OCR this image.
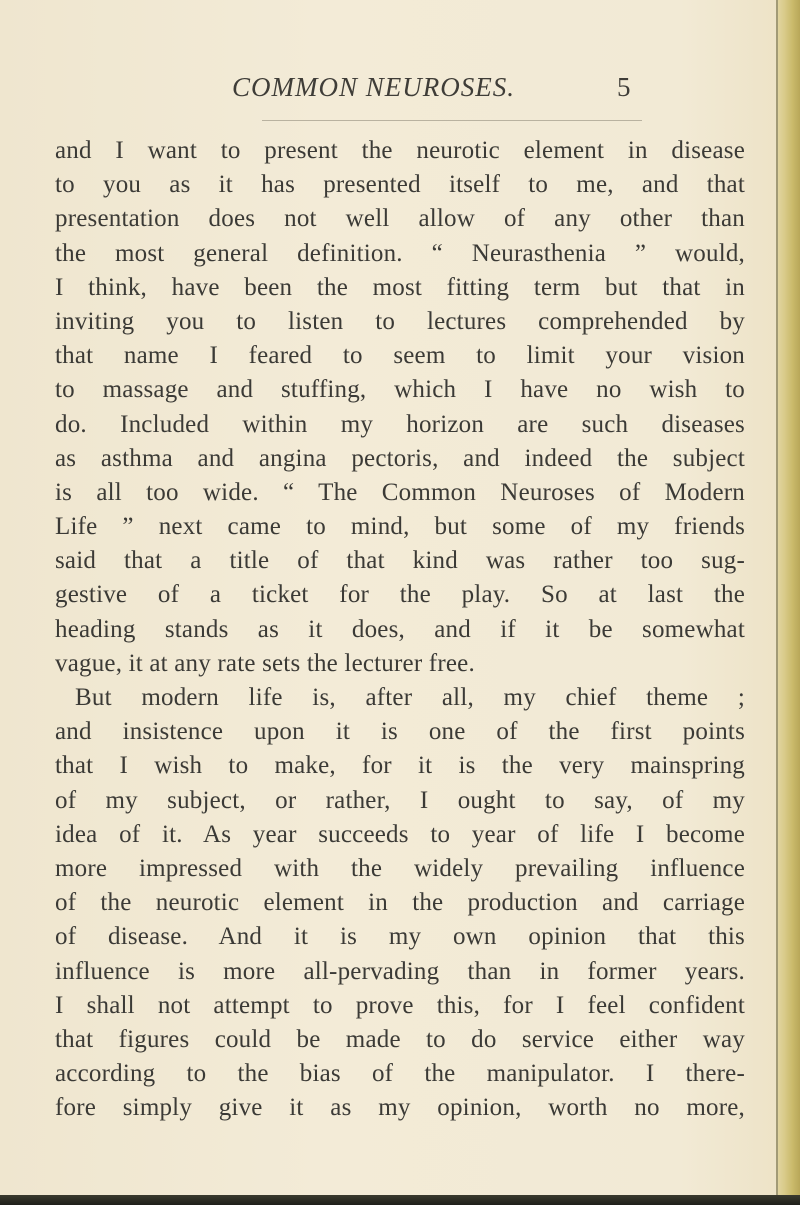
COMMON NEUROSES.	5
and I want to present the neurotic element in disease
to you as it has presented itself to me, and that
presentation does not well allow of any other than
the most general definition. “ Neurasthenia ” would,
I think, have been the most fitting term but that in
inviting you to listen to lectures comprehended by
that name I feared to seem to limit your vision
to massage and stuffing, which I have no wish to
do. Included within my horizon are such diseases
as asthma and angina pectoris, and indeed the subject
is all too wide. “ The Common Neuroses of Modern
Life ” next came to mind, but some of my friends
said that a title of that kind was rather too sug-
gestive of a ticket for the play. So at last the
heading stands as it does, and if it be somewhat
vague, it at any rate sets the lecturer free.
But modern life is, after all, my chief theme ;
and insistence upon it is one of the first points
that I wish to make, for it is the very mainspring
of my subject, or rather, I ought to say, of my
idea of it. As year succeeds to year of life I become
more impressed with the widely prevailing influence
of the neurotic element in the production and carriage
of disease. And it is my own opinion that this
influence is more all-pervading than in former years.
I shall not attempt to prove this, for I feel confident
that figures could be made to do service either way
according to the bias of the manipulator. I there-
fore simply give it as my opinion, worth no more,
